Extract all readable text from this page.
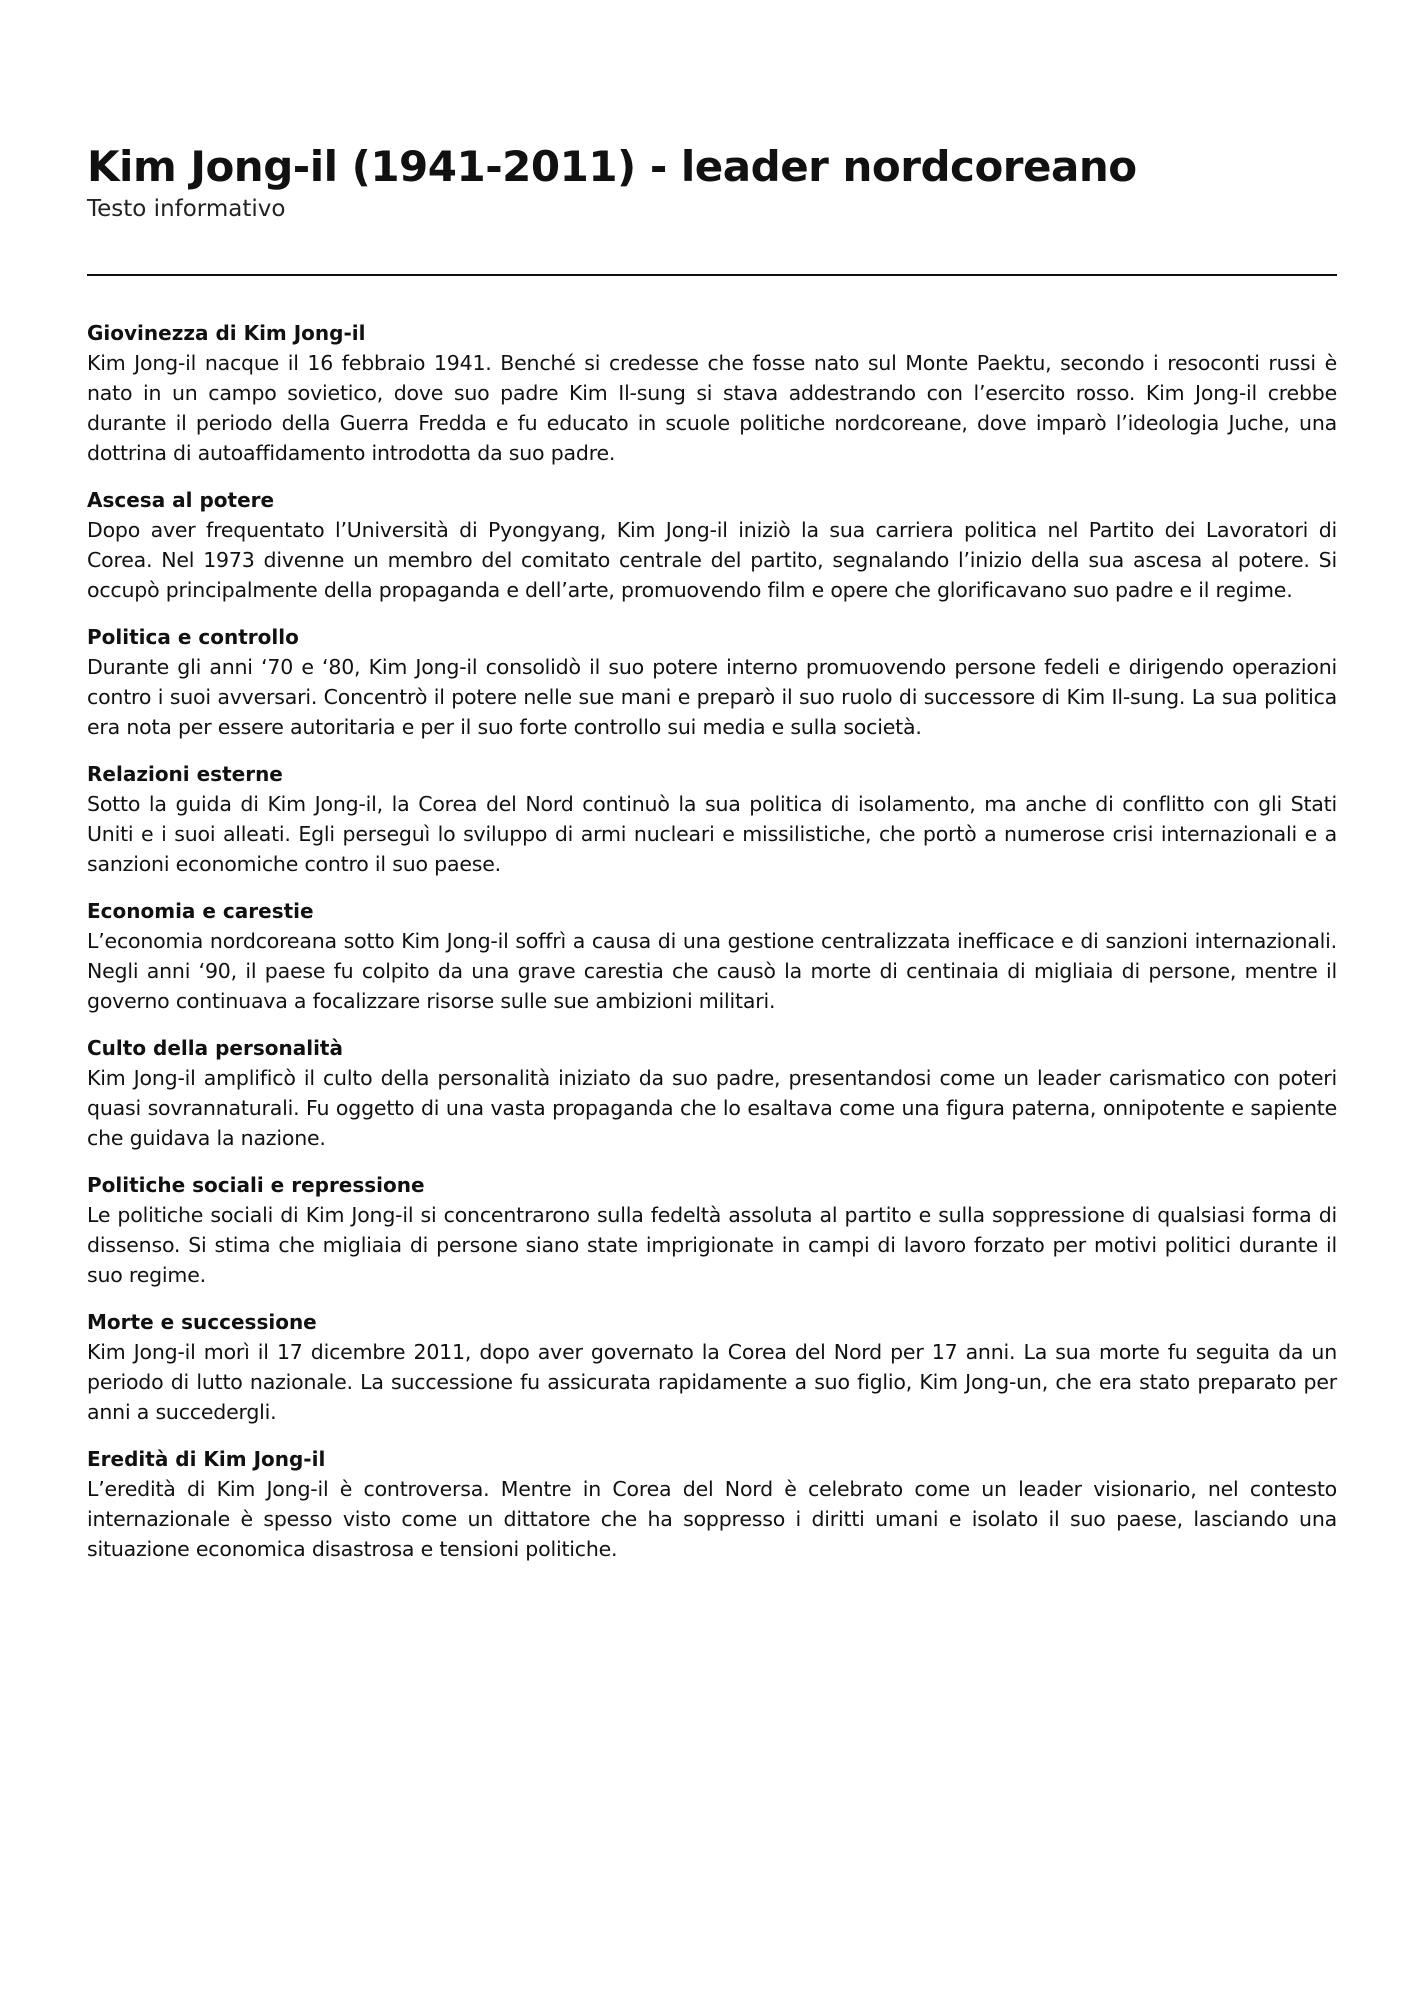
Kim Jong-il (1941-2011) - leader nordcoreano

Testo informativo

Giovinezza di Kim Jong-il

Kim Jong-il nacque il 16 febbraio 1941. Benché si credesse che fosse nato sul Monte Paektu, secondo i resoconti russi è nato in un campo sovietico, dove suo padre Kim Il-sung si stava addestrando con l’esercito rosso. Kim Jong-il crebbe durante il periodo della Guerra Fredda e fu educato in scuole politiche nordcoreane, dove imparò l’ideologia Juche, una dottrina di autoaffidamento introdotta da suo padre.

Ascesa al potere

Dopo aver frequentato l’Università di Pyongyang, Kim Jong-il iniziò la sua carriera politica nel Partito dei Lavoratori di Corea. Nel 1973 divenne un membro del comitato centrale del partito, segnalando l’inizio della sua ascesa al potere. Si occupò principalmente della propaganda e dell’arte, promuovendo film e opere che glorificavano suo padre e il regime.

Politica e controllo

Durante gli anni ‘70 e ‘80, Kim Jong-il consolidò il suo potere interno promuovendo persone fedeli e dirigendo operazioni contro i suoi avversari. Concentrò il potere nelle sue mani e preparò il suo ruolo di successore di Kim Il-sung. La sua politica era nota per essere autoritaria e per il suo forte controllo sui media e sulla società.

Relazioni esterne

Sotto la guida di Kim Jong-il, la Corea del Nord continuò la sua politica di isolamento, ma anche di conflitto con gli Stati Uniti e i suoi alleati. Egli perseguì lo sviluppo di armi nucleari e missilistiche, che portò a numerose crisi internazionali e a sanzioni economiche contro il suo paese.

Economia e carestie

L’economia nordcoreana sotto Kim Jong-il soffrì a causa di una gestione centralizzata inefficace e di sanzioni internazionali. Negli anni ‘90, il paese fu colpito da una grave carestia che causò la morte di centinaia di migliaia di persone, mentre il governo continuava a focalizzare risorse sulle sue ambizioni militari.

Culto della personalità

Kim Jong-il amplificò il culto della personalità iniziato da suo padre, presentandosi come un leader carismatico con poteri quasi sovrannaturali. Fu oggetto di una vasta propaganda che lo esaltava come una figura paterna, onnipotente e sapiente che guidava la nazione.

Politiche sociali e repressione

Le politiche sociali di Kim Jong-il si concentrarono sulla fedeltà assoluta al partito e sulla soppressione di qualsiasi forma di dissenso. Si stima che migliaia di persone siano state imprigionate in campi di lavoro forzato per motivi politici durante il suo regime.

Morte e successione

Kim Jong-il morì il 17 dicembre 2011, dopo aver governato la Corea del Nord per 17 anni. La sua morte fu seguita da un periodo di lutto nazionale. La successione fu assicurata rapidamente a suo figlio, Kim Jong-un, che era stato preparato per anni a succedergli.

Eredità di Kim Jong-il

L’eredità di Kim Jong-il è controversa. Mentre in Corea del Nord è celebrato come un leader visionario, nel contesto internazionale è spesso visto come un dittatore che ha soppresso i diritti umani e isolato il suo paese, lasciando una situazione economica disastrosa e tensioni politiche.
